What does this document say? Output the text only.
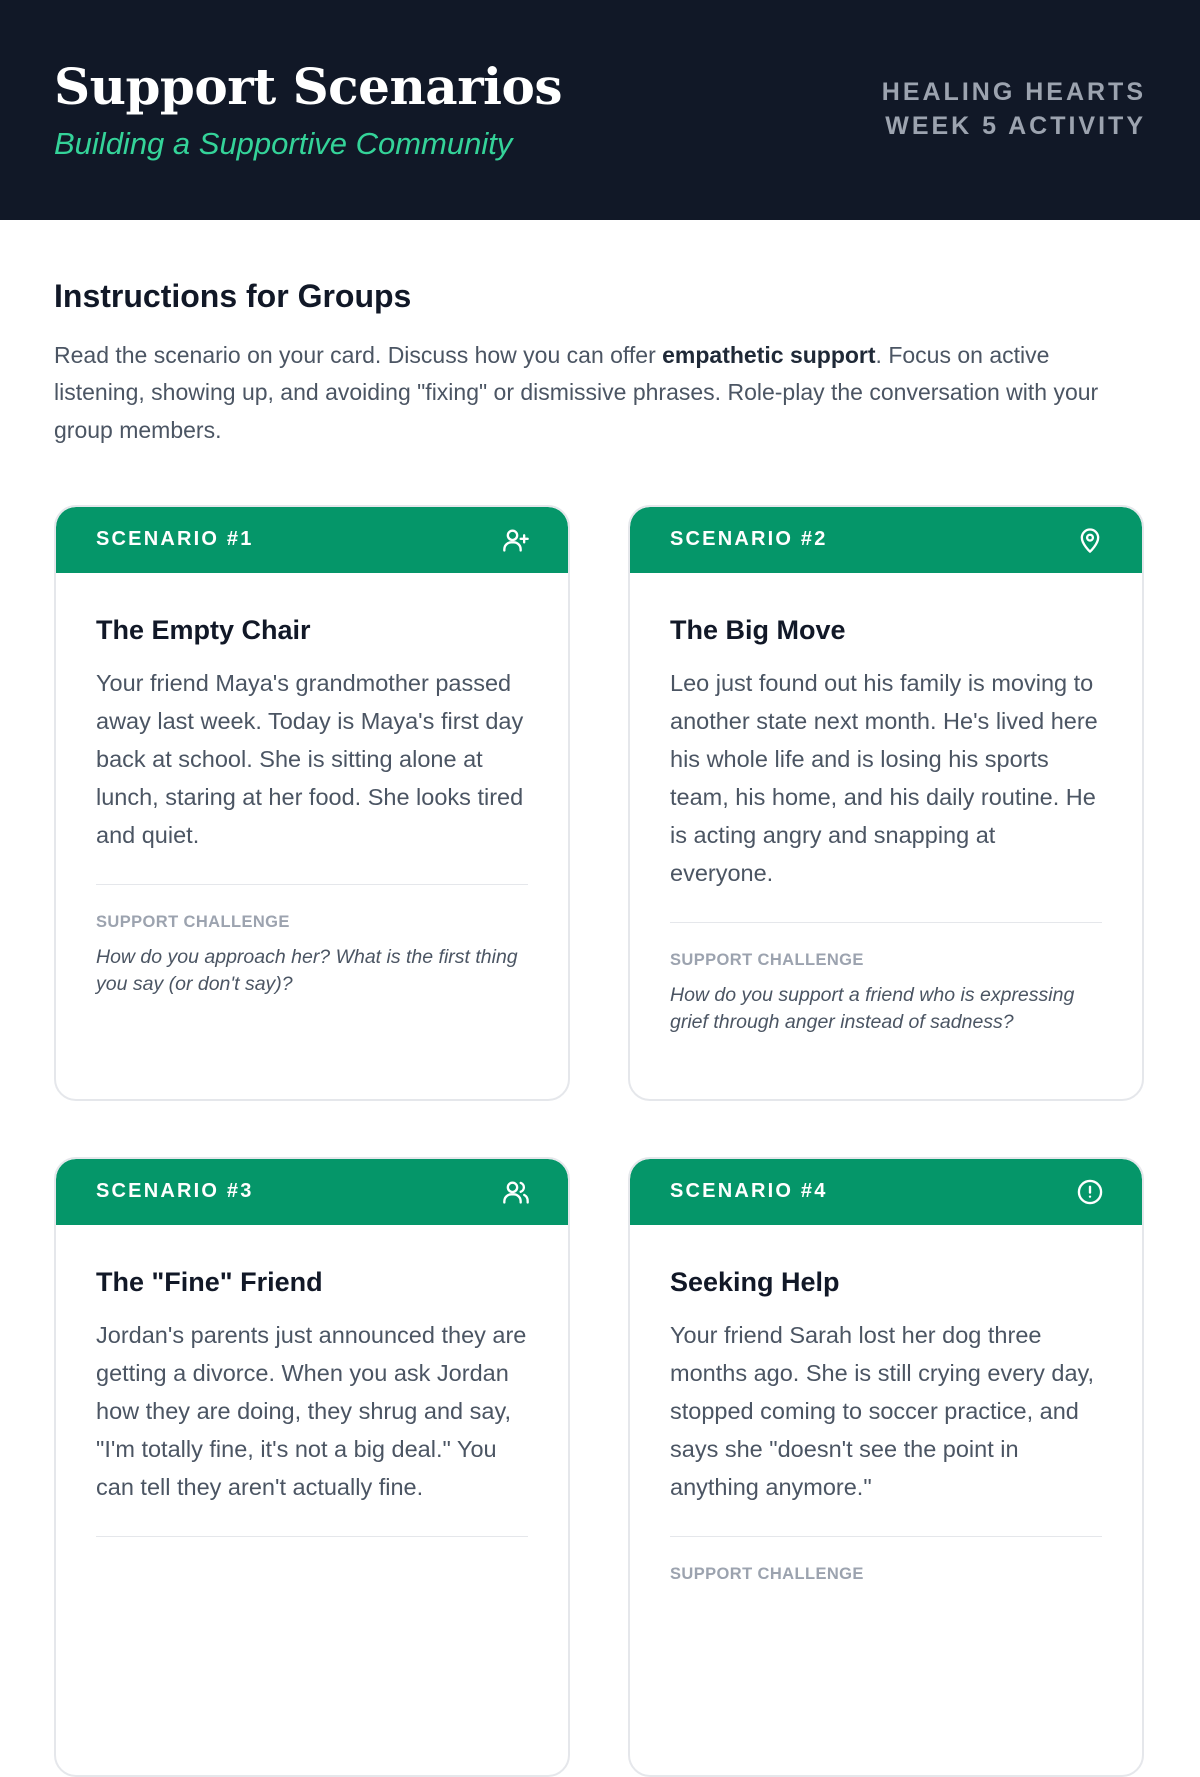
Support Scenarios
Building a Supportive Community
HEALING HEARTS
WEEK 5 ACTIVITY
Instructions for Groups

Read the scenario on your card. Discuss how you can offer empathetic support. Focus on active listening, showing up, and avoiding "fixing" or dismissive phrases. Role-play the conversation with your group members.

SCENARIO #1
The Empty Chair

Your friend Maya's grandmother passed away last week. Today is Maya's first day back at school. She is sitting alone at lunch, staring at her food. She looks tired and quiet.

SUPPORT CHALLENGE

How do you approach her? What is the first thing you say (or don't say)?

SCENARIO #2
The Big Move

Leo just found out his family is moving to another state next month. He's lived here his whole life and is losing his sports team, his home, and his daily routine. He is acting angry and snapping at everyone.

SUPPORT CHALLENGE

How do you support a friend who is expressing grief through anger instead of sadness?

SCENARIO #3
The "Fine" Friend

Jordan's parents just announced they are getting a divorce. When you ask Jordan how they are doing, they shrug and say, "I'm totally fine, it's not a big deal." You can tell they aren't actually fine.

SCENARIO #4
Seeking Help

Your friend Sarah lost her dog three months ago. She is still crying every day, stopped coming to soccer practice, and says she "doesn't see the point in anything anymore."

SUPPORT CHALLENGE
